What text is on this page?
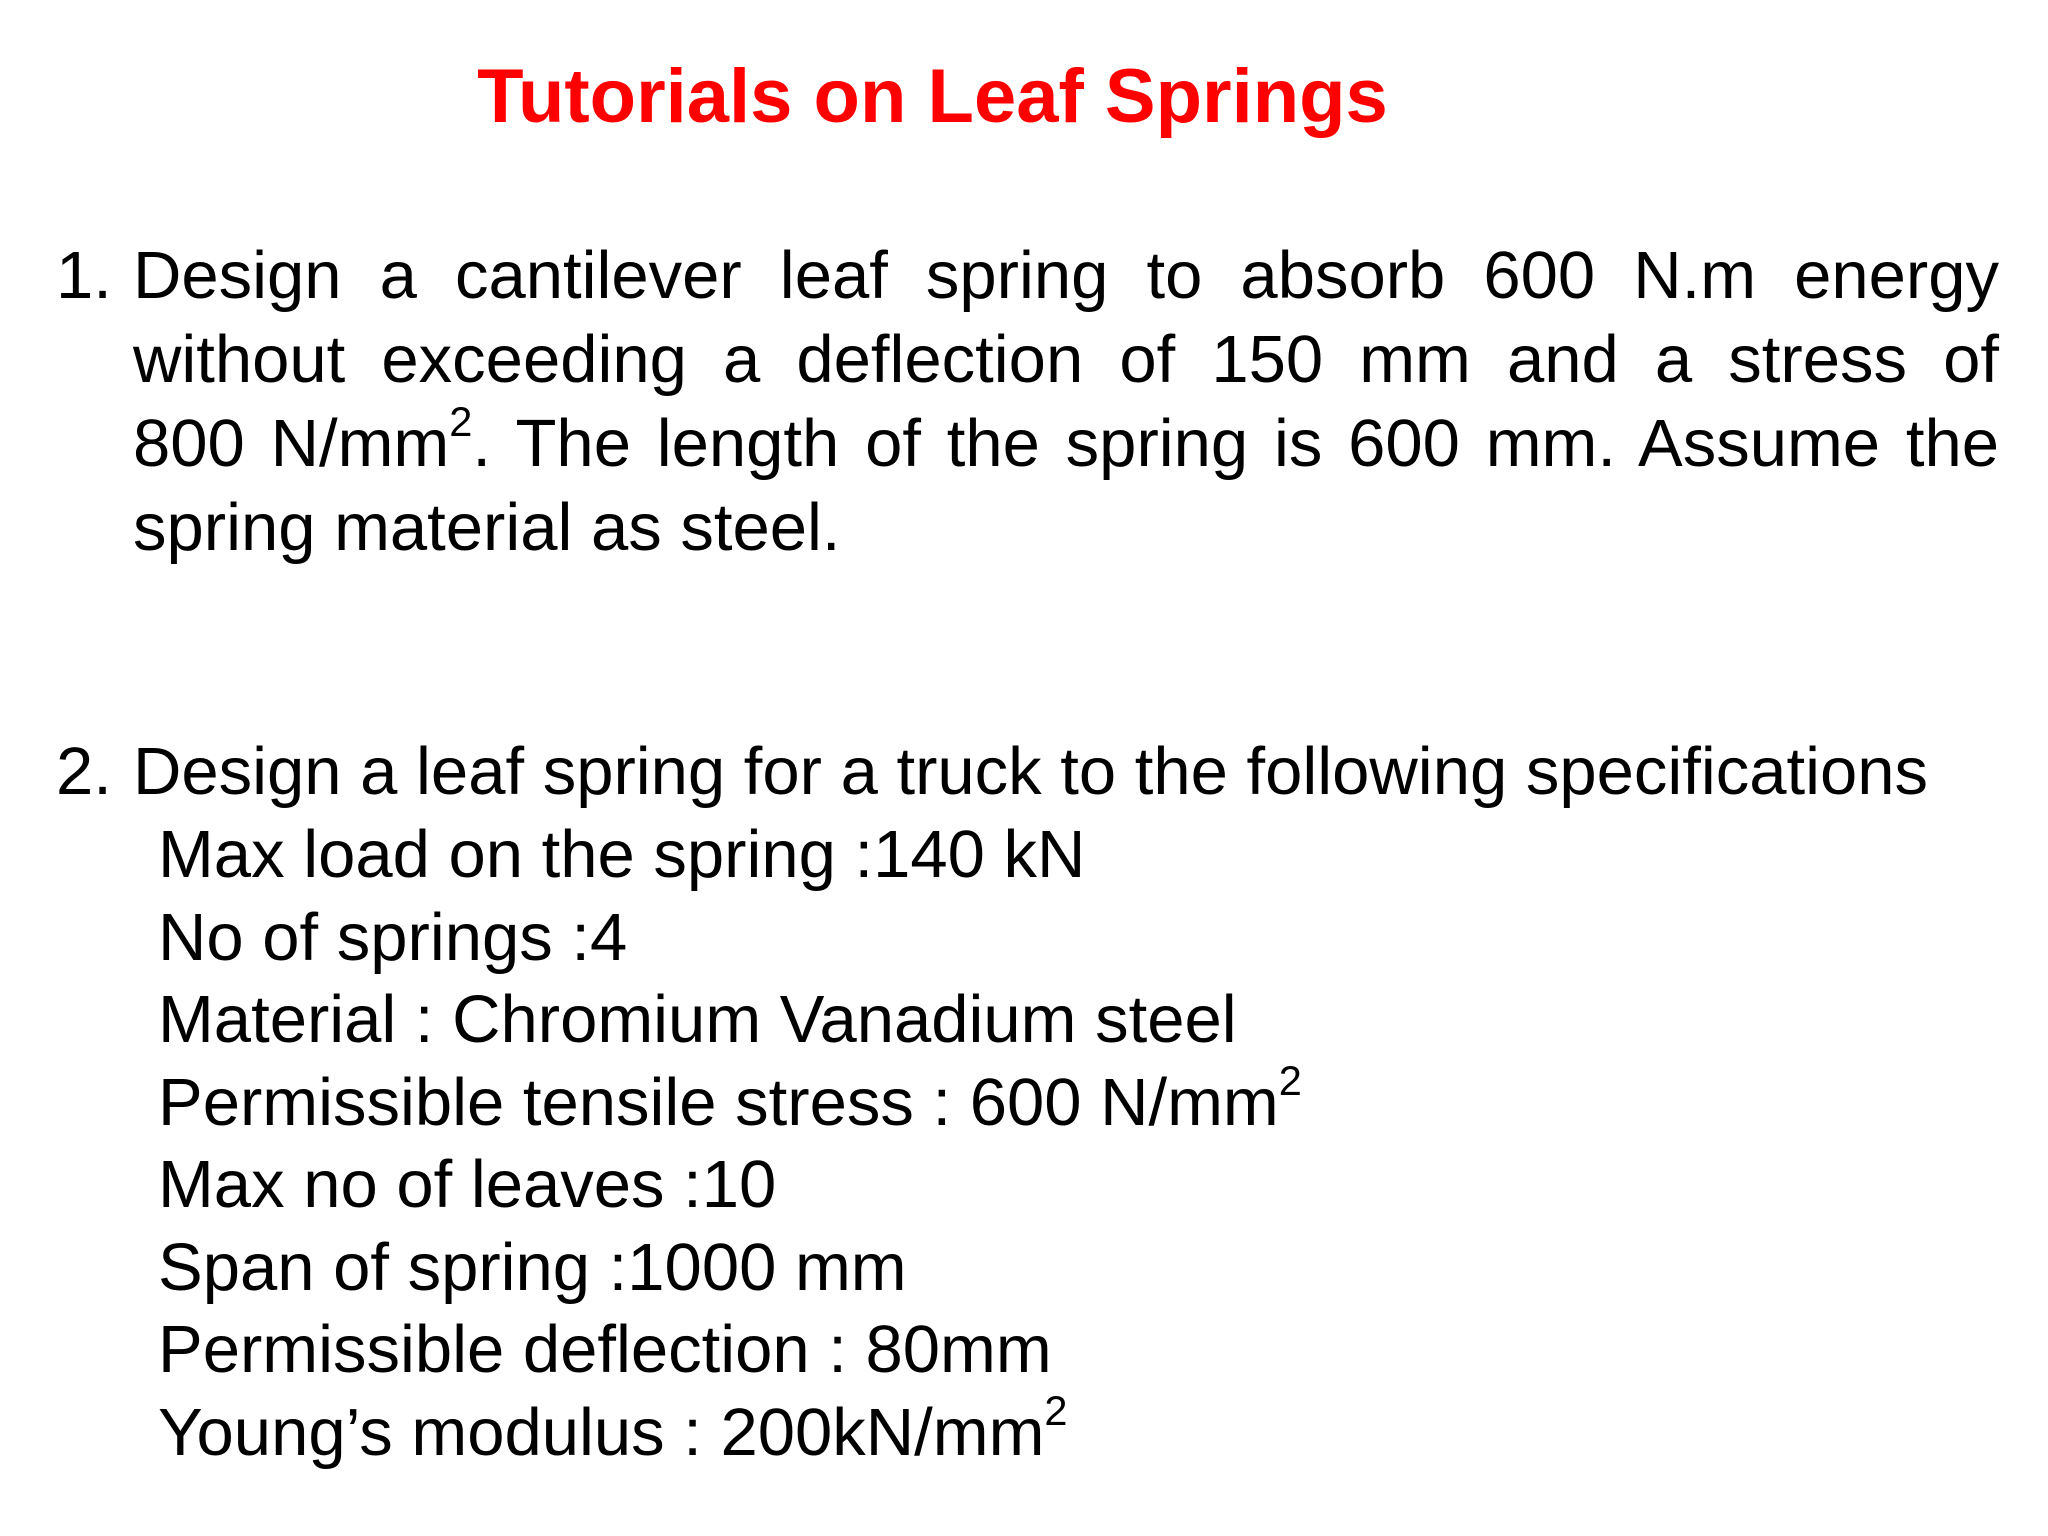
Tutorials on Leaf Springs
1. Design a cantilever leaf spring to absorb 600 N.m energy
without exceeding a deflection of 150 mm and a stress of
800 $N/mm^2$. The length of the spring is 600 mm. Assume the
spring material as steel.
2. Design a leaf spring for a truck to the following specifications
Max load on the spring :140 kN
No of springs :4
Material : Chromium Vanadium steel
Permissible tensile stress : 600 $N/mm^2$
Max no of leaves :10
Span of spring :1000 mm
Permissible deflection : 80mm
Young’s modulus : $200kN/mm^2$
